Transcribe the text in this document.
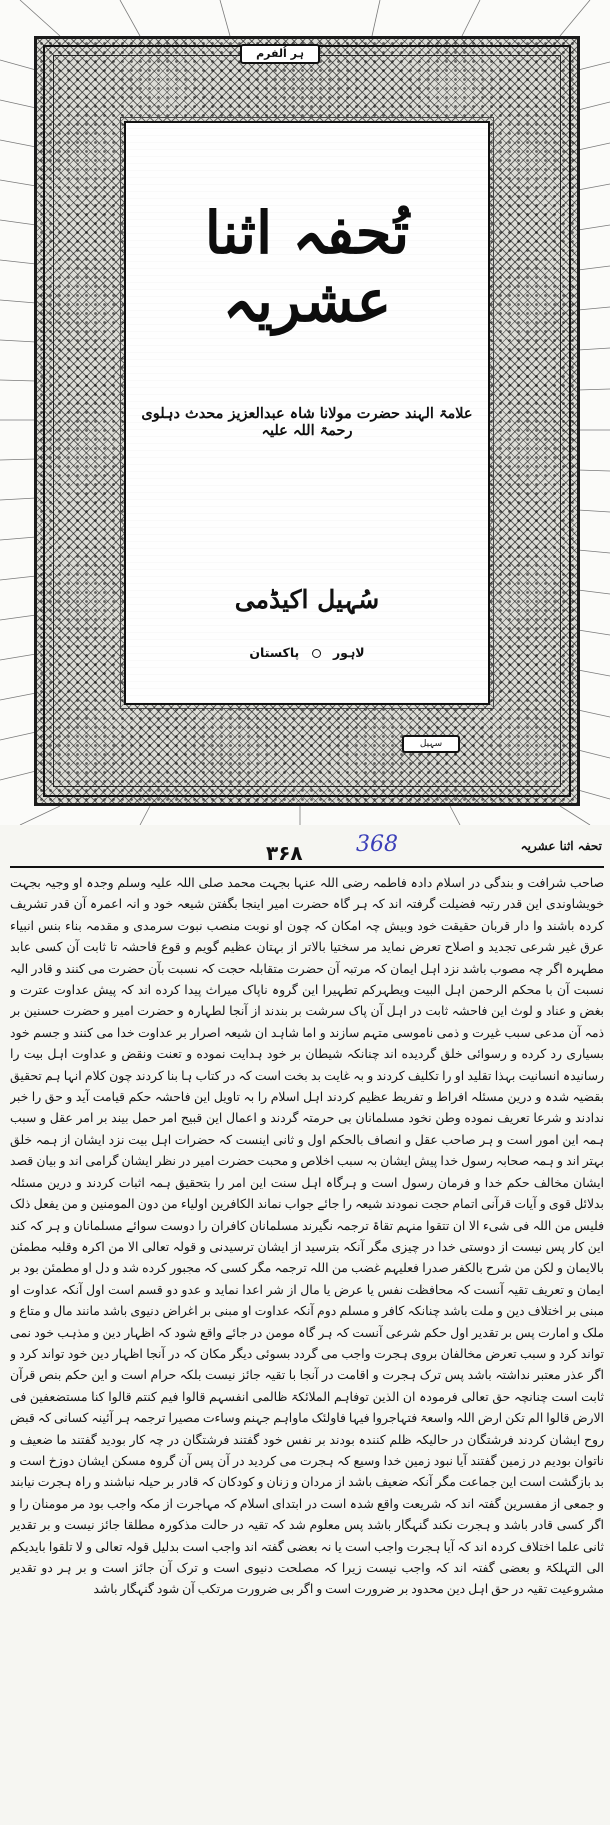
ہر اُلفرم
تُحفہ اثنا عشریہ
علامۃ الہند حضرت مولانا شاہ عبدالعزیز محدث دہلوی رحمۃ اللہ علیہ
سُہیل اکیڈمی
لاہور  پاکستان
سہیل
۳۶۸ 368	تحفہ اثنا عشریہ

صاحب شرافت و بندگی در اسلام دادہ فاطمہ رضی اللہ عنہا بجہت محمد صلی اللہ علیہ وسلم وجدہ او وجیہ بجہت خویشاوندی این قدر رتبہ فضیلت گرفتہ اند کہ ہر گاہ حضرت امیر اینجا بگفتن شیعہ خود و انہ اعمرہ آن قدر تشریف کردہ باشند وا دار قربان حقیقت خود وبیش چہ امکان کہ چون او نوبت منصب نبوت سرمدی و مقدمہ بناء بنس انبیاء عرق غیر شرعی تجدید و اصلاح تعرض نماید مر سختیا بالاتر از بہتان عظیم گویم و قوع فاحشہ تا ثابت آن کسی عابد مطہرہ اگر چہ مصوب باشد نزد اہل ایمان کہ مرتبہ آن حضرت متقابلہ حجت کہ نسبت بآن حضرت می کنند و قادر الیہ نسبت آن با محکم الرحمن اہل البیت ویطہرکم تطہیرا این گروہ ناپاک میراث پیدا کرده اند کہ پیش عداوت عترت و بغض و عناد و لوث این فاحشہ ثابت در اہل آن پاک سرشت بر بندند از آنجا لطہارہ و حضرت امیر و حضرت حسنین بر ذمہ آن مدعی سبب غیرت و ذمی ناموسی متہم سازند و اما شاہد ان شیعہ اصرار بر عداوت خدا می کنند و جسم خود بسیاری رد کرده و رسوائی خلق گردیده اند چنانکہ شیطان بر خود ہدایت نموده و تعنت ونقض و عداوت اہل بیت را رسانیدہ انسانیت بہذا تقلید او را تکلیف کردند و بہ غایت بد بخت است کہ در کتاب ہا بنا کردند چون کلام انہا ہم تحقیق بقضیہ شدہ و درین مسئلہ افراط و تفریط عظیم کردند اہل اسلام را بہ تاویل این فاحشہ حکم قیامت آید و حق را خبر ندادند و شرعا تعریف نموده وطن نخود مسلمانان بی حرمتہ گردند و اعمال این قبیح امر حمل بیند بر امر عقل و سبب ہمہ این امور است و ہر صاحب عقل و انصاف بالحکم اول و ثانی اینست کہ حضرات اہل بیت نزد ایشان از ہمہ خلق بہتر اند و ہمہ صحابہ رسول خدا پیش ایشان بہ سبب اخلاص و محبت حضرت امیر در نظر ایشان گرامی اند و بیان قصد ایشان مخالف حکم خدا و فرمان رسول است و ہرگاہ اہل سنت این امر را بتحقیق ہمہ اثبات کردند و درین مسئلہ بدلائل قوی و آیات قرآنی اتمام حجت نمودند شیعہ را جائے جواب نماند الکافرین اولیاء من دون المومنین و من یفعل ذلک فلیس من اللہ فی شیء الا ان تتقوا منہم تقاۃ ترجمہ نگیرند مسلمانان کافران را دوست سوائے مسلمانان و ہر کہ کند این کار پس نیست از دوستی خدا در چیزی مگر آنکہ بترسید از ایشان ترسیدنی و قولہ تعالی الا من اکرہ وقلبہ مطمئن بالایمان و لکن من شرح بالکفر صدرا فعلیہم غضب من اللہ ترجمہ مگر کسی کہ مجبور کرده شد و دل او مطمئن بود بر ایمان و تعریف تقیہ آنست کہ محافظت نفس یا عرض یا مال از شر اعدا نماید و عدو دو قسم است اول آنکہ عداوت او مبنی بر اختلاف دین و ملت باشد چنانکہ کافر و مسلم دوم آنکہ عداوت او مبنی بر اغراض دنیوی باشد مانند مال و متاع و ملک و امارت پس بر تقدیر اول حکم شرعی آنست کہ ہر گاہ مومن در جائے واقع شود کہ اظہار دین و مذہب خود نمی تواند کرد و سبب تعرض مخالفان بروی ہجرت واجب می گردد بسوئی دیگر مکان کہ در آنجا اظہار دین خود تواند کرد و اگر عذر معتبر نداشتہ باشد پس ترک ہجرت و اقامت در آنجا با تقیہ جائز نیست بلکہ حرام است و این حکم بنص قرآن ثابت است چنانچہ حق تعالی فرمودہ ان الذین توفاہم الملائکۃ ظالمی انفسہم قالوا فیم کنتم قالوا کنا مستضعفین فی الارض قالوا الم تکن ارض اللہ واسعۃ فتہاجروا فیہا فاولئک ماواہم جہنم وساءت مصیرا ترجمہ ہر آئینہ کسانی کہ قبض روح ایشان کردند فرشتگان در حالیکہ ظلم کنندہ بودند بر نفس خود گفتند فرشتگان در چہ کار بودید گفتند ما ضعیف و ناتوان بودیم در زمین گفتند آیا نبود زمین خدا وسیع کہ ہجرت می کردید در آن پس آن گروہ مسکن ایشان دوزخ است و بد بازگشت است این جماعت مگر آنکہ ضعیف باشد از مردان و زنان و کودکان کہ قادر بر حیلہ نباشند و راہ ہجرت نیابند و جمعی از مفسرین گفتہ اند کہ شریعت واقع شدہ است در ابتدای اسلام کہ مہاجرت از مکہ واجب بود مر مومنان را و اگر کسی قادر باشد و ہجرت نکند گنہگار باشد پس معلوم شد کہ تقیہ در حالت مذکورہ مطلقا جائز نیست و بر تقدیر ثانی علما اختلاف کردہ اند کہ آیا ہجرت واجب است یا نہ بعضی گفتہ اند واجب است بدلیل قولہ تعالی و لا تلقوا بایدیکم الی التہلکۃ و بعضی گفتہ اند کہ واجب نیست زیرا کہ مصلحت دنیوی است و ترک آن جائز است و بر ہر دو تقدیر مشروعیت تقیہ در حق اہل دین محدود بر ضرورت است و اگر بی ضرورت مرتکب آن شود گنہگار باشد
